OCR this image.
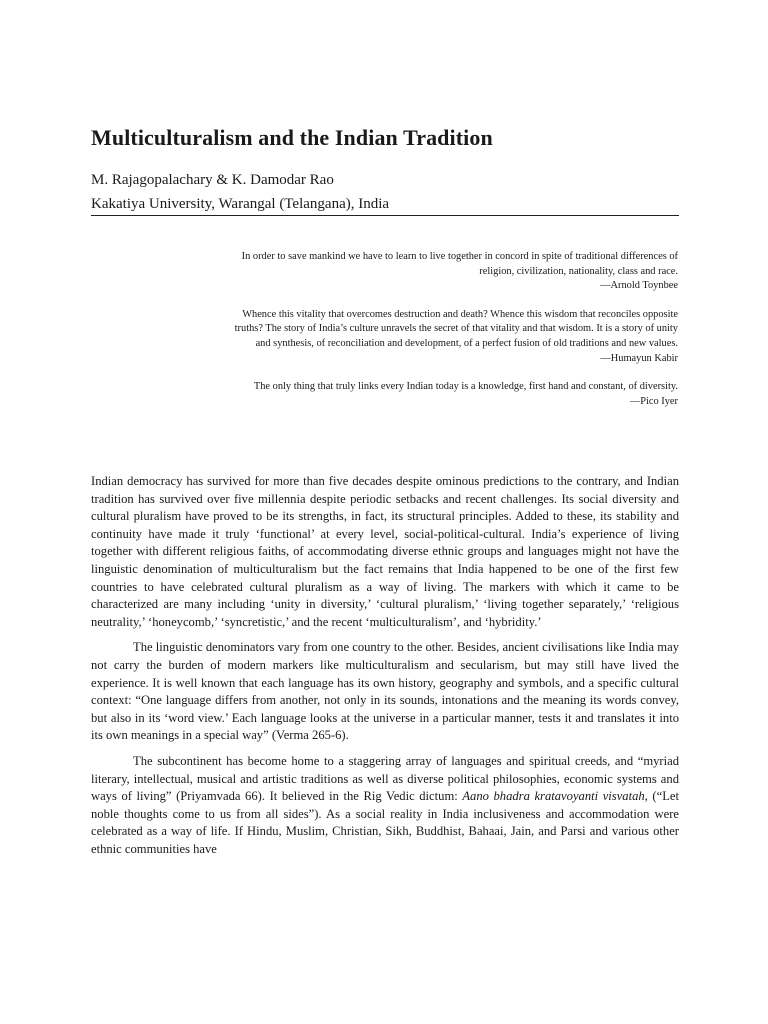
Multiculturalism and the Indian Tradition
M. Rajagopalachary & K. Damodar Rao
Kakatiya University, Warangal (Telangana), India

In order to save mankind we have to learn to live together in concord in spite of traditional differences of religion, civilization, nationality, class and race.

—Arnold Toynbee

Whence this vitality that overcomes destruction and death? Whence this wisdom that reconciles opposite truths? The story of India’s culture unravels the secret of that vitality and that wisdom. It is a story of unity and synthesis, of reconciliation and development, of a perfect fusion of old traditions and new values.

—Humayun Kabir

The only thing that truly links every Indian today is a knowledge, first hand and constant, of diversity.

—Pico Iyer

Indian democracy has survived for more than five decades despite ominous predictions to the contrary, and Indian tradition has survived over five millennia despite periodic setbacks and recent challenges. Its social diversity and cultural pluralism have proved to be its strengths, in fact, its structural principles. Added to these, its stability and continuity have made it truly ‘functional’ at every level, social-political-cultural. India’s experience of living together with different religious faiths, of accommodating diverse ethnic groups and languages might not have the linguistic denomination of multiculturalism but the fact remains that India happened to be one of the first few countries to have celebrated cultural pluralism as a way of living. The markers with which it came to be characterized are many including ‘unity in diversity,’ ‘cultural pluralism,’ ‘living together separately,’ ‘religious neutrality,’ ‘honeycomb,’ ‘syncretistic,’ and the recent ‘multiculturalism’, and ‘hybridity.’

The linguistic denominators vary from one country to the other. Besides, ancient civilisations like India may not carry the burden of modern markers like multiculturalism and secularism, but may still have lived the experience. It is well known that each language has its own history, geography and symbols, and a specific cultural context: “One language differs from another, not only in its sounds, intonations and the meaning its words convey, but also in its ‘word view.’ Each language looks at the universe in a particular manner, tests it and translates it into its own meanings in a special way” (Verma 265-6).

The subcontinent has become home to a staggering array of languages and spiritual creeds, and “myriad literary, intellectual, musical and artistic traditions as well as diverse political philosophies, economic systems and ways of living” (Priyamvada 66). It believed in the Rig Vedic dictum: Aano bhadra kratavoyanti visvatah, (“Let noble thoughts come to us from all sides”). As a social reality in India inclusiveness and accommodation were celebrated as a way of life. If Hindu, Muslim, Christian, Sikh, Buddhist, Bahaai, Jain, and Parsi and various other ethnic communities have
